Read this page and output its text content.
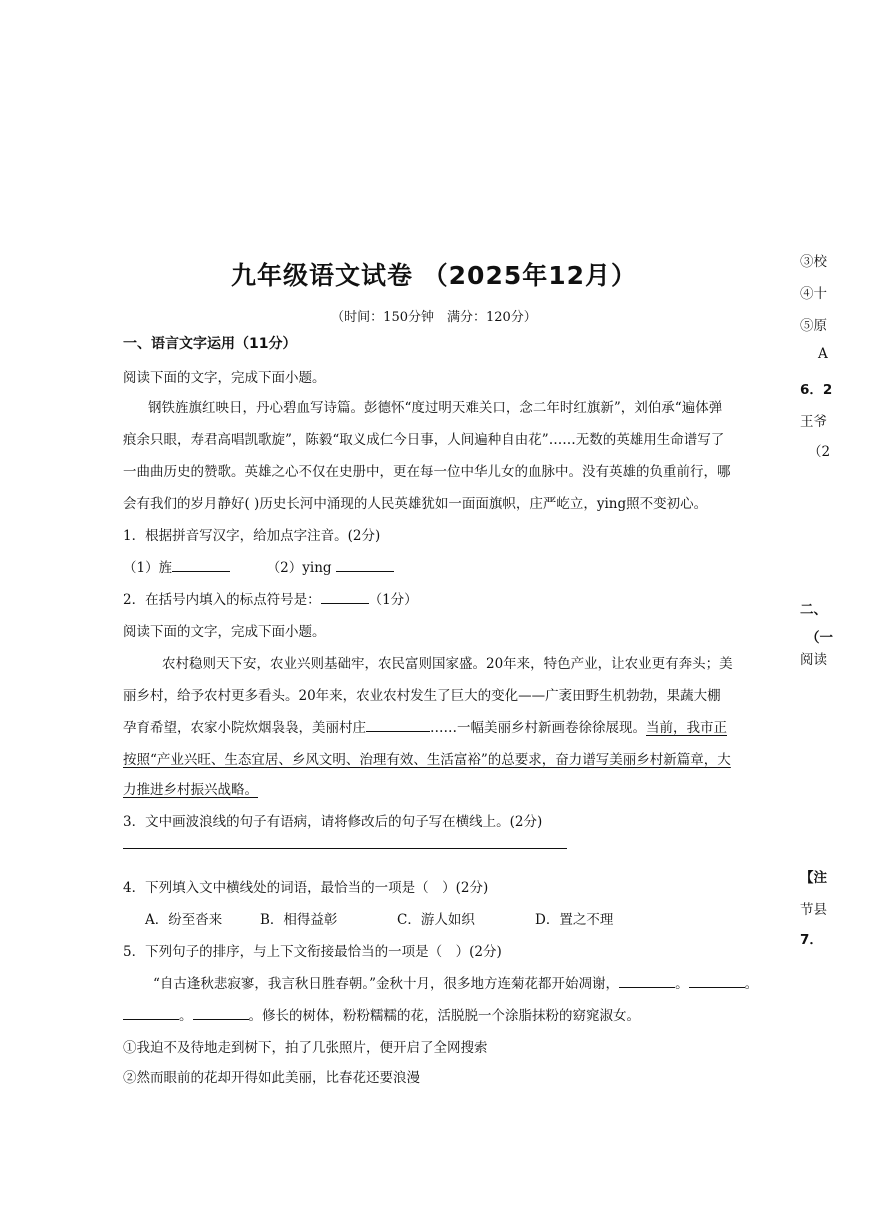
九年级语文试卷 （2025年12月）
（时间：150分钟　满分：120分）
一、语言文字运用（11分）
阅读下面的文字，完成下面小题。
钢铁旌旗红映日，丹心碧血写诗篇。彭德怀“度过明天难关口，念二年时红旗新”，刘伯承“遍体弹
痕余只眼，寿君高唱凯歌旋”，陈毅“取义成仁今日事，人间遍种自由花”……无数的英雄用生命谱写了
一曲曲历史的赞歌。英雄之心不仅在史册中，更在每一位中华儿女的血脉中。没有英雄的负重前行，哪
会有我们的岁月静好( )历史长河中涌现的人民英雄犹如一面面旗帜，庄严屹立，ying照不变初心。
1．根据拼音写汉字，给加点字注音。(2分)
（1）旌	（2）ying
2．在括号内填入的标点符号是：	（1分）
阅读下面的文字，完成下面小题。
农村稳则天下安，农业兴则基础牢，农民富则国家盛。20年来，特色产业，让农业更有奔头；美
丽乡村，给予农村更多看头。20年来，农业农村发生了巨大的变化——广袤田野生机勃勃，果蔬大棚
孕育希望，农家小院炊烟袅袅，美丽村庄	……一幅美丽乡村新画卷徐徐展现。当前，我市正
按照“产业兴旺、生态宜居、乡风文明、治理有效、生活富裕”的总要求，奋力谱写美丽乡村新篇章，大
力推进乡村振兴战略。
3．文中画波浪线的句子有语病，请将修改后的句子写在横线上。(2分)
4．下列填入文中横线处的词语，最恰当的一项是（　）(2分)
A．纷至沓来	B．相得益彰	C．游人如织	D．置之不理
5．下列句子的排序，与上下文衔接最恰当的一项是（　）(2分)
“自古逢秋悲寂寥，我言秋日胜春朝。”金秋十月，很多地方连菊花都开始凋谢，	。	。
。	。修长的树体，粉粉糯糯的花，活脱脱一个涂脂抹粉的窈窕淑女。
①我迫不及待地走到树下，拍了几张照片，便开启了全网搜索
②然而眼前的花却开得如此美丽，比春花还要浪漫
③校
④十
⑤原
A
6．2
王爷
（2
二、
（一
阅读
【注
节县
7．
